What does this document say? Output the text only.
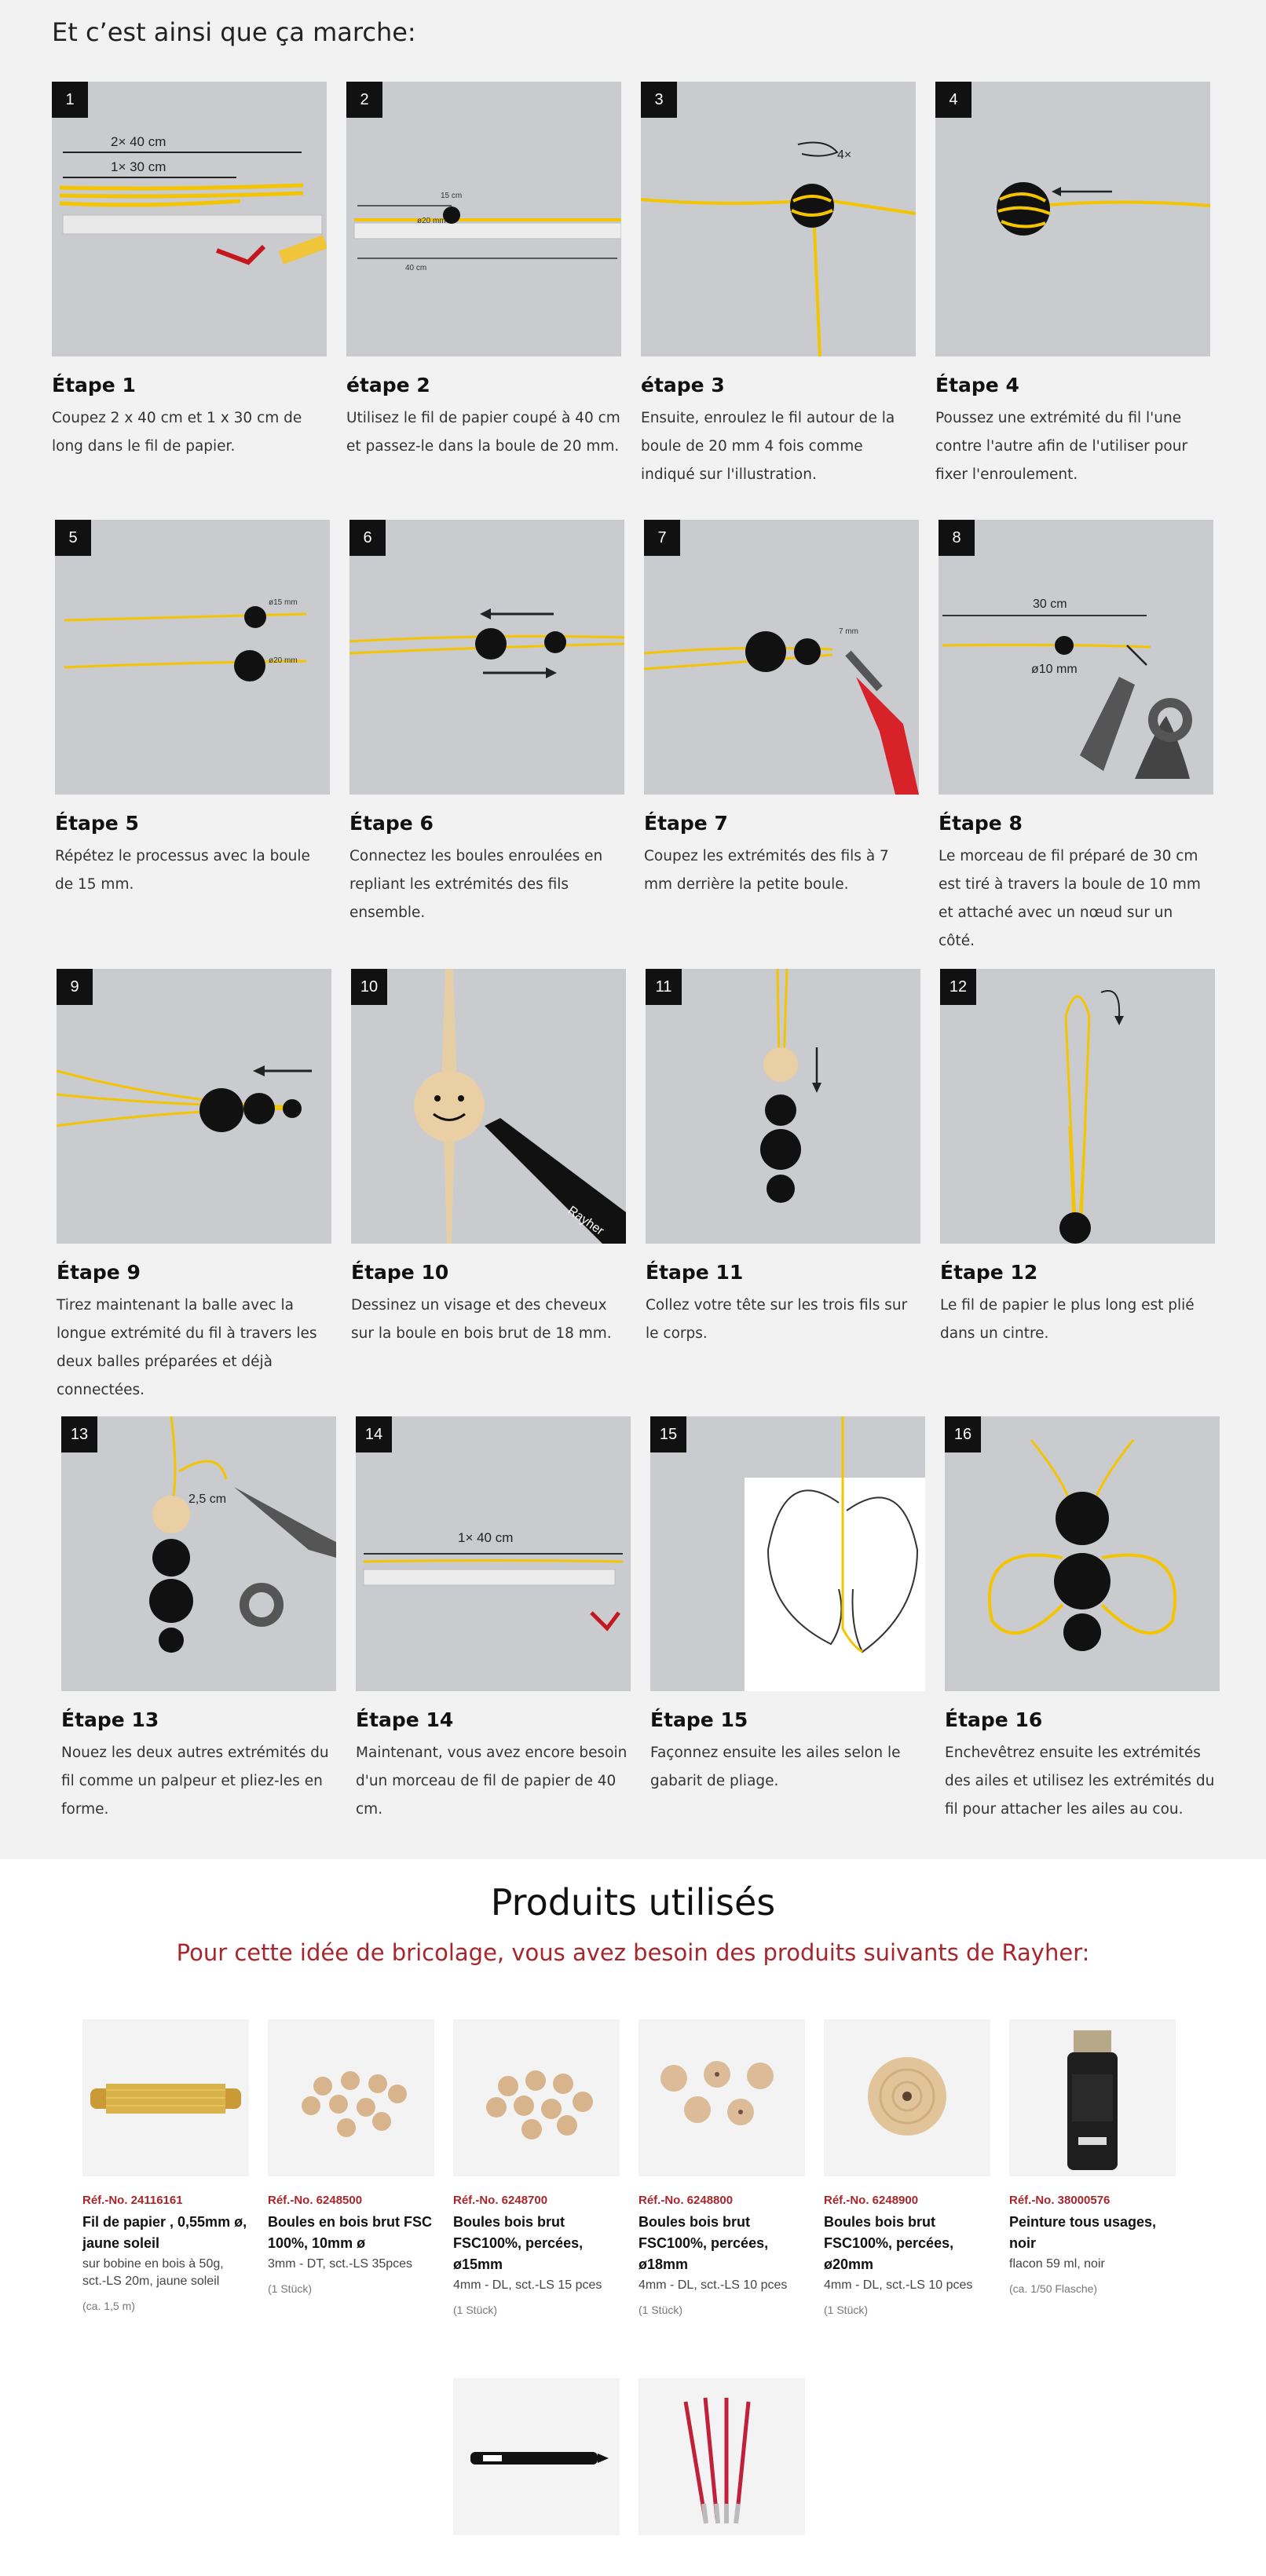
Et c’est ainsi que ça marche:
2× 40 cm
1× 30 cm
1
Étape 1

Coupez 2 x 40 cm et 1 x 30 cm de long dans le fil de papier.

15 cm
ø20 mm
40 cm
2
étape 2

Utilisez le fil de papier coupé à 40 cm et passez-le dans la boule de 20 mm.

4×
3
étape 3

Ensuite, enroulez le fil autour de la boule de 20 mm 4 fois comme indiqué sur l'illustration.

4
Étape 4

Poussez une extrémité du fil l'une contre l'autre afin de l'utiliser pour fixer l'enroulement.

ø15 mm
ø20 mm
5
Étape 5

Répétez le processus avec la boule de 15 mm.

6
Étape 6

Connectez les boules enroulées en repliant les extrémités des fils ensemble.

7 mm
7
Étape 7

Coupez les extrémités des fils à 7 mm derrière la petite boule.

30 cm
ø10 mm
8
Étape 8

Le morceau de fil préparé de 30 cm est tiré à travers la boule de 10 mm et attaché avec un nœud sur un côté.

9
Étape 9

Tirez maintenant la balle avec la longue extrémité du fil à travers les deux balles préparées et déjà connectées.

Rayher
10
Étape 10

Dessinez un visage et des cheveux sur la boule en bois brut de 18 mm.

11
Étape 11

Collez votre tête sur les trois fils sur le corps.

12
Étape 12

Le fil de papier le plus long est plié dans un cintre.

2,5 cm
13
Étape 13

Nouez les deux autres extrémités du fil comme un palpeur et pliez-les en forme.

1× 40 cm
14
Étape 14

Maintenant, vous avez encore besoin d'un morceau de fil de papier de 40 cm.

15
Étape 15

Façonnez ensuite les ailes selon le gabarit de pliage.

16
Étape 16

Enchevêtrez ensuite les extrémités des ailes et utilisez les extrémités du fil pour attacher les ailes au cou.

Produits utilisés
Pour cette idée de bricolage, vous avez besoin des produits suivants de Rayher:
Réf.-No. 24116161
Fil de papier , 0,55mm ø, jaune soleil
sur bobine en bois à 50g, sct.-LS 20m, jaune soleil
(ca. 1,5 m)
Réf.-No. 6248500
Boules en bois brut FSC 100%, 10mm ø
3mm - DT, sct.-LS 35pces
(1 Stück)
Réf.-No. 6248700
Boules bois brut FSC100%, percées, ø15mm
4mm - DL, sct.-LS 15 pces
(1 Stück)
Réf.-No. 6248800
Boules bois brut FSC100%, percées, ø18mm
4mm - DL, sct.-LS 10 pces
(1 Stück)
Réf.-No. 6248900
Boules bois brut FSC100%, percées, ø20mm
4mm - DL, sct.-LS 10 pces
(1 Stück)
Réf.-No. 38000576
Peinture tous usages, noir
flacon 59 ml, noir
(ca. 1/50 Flasche)
